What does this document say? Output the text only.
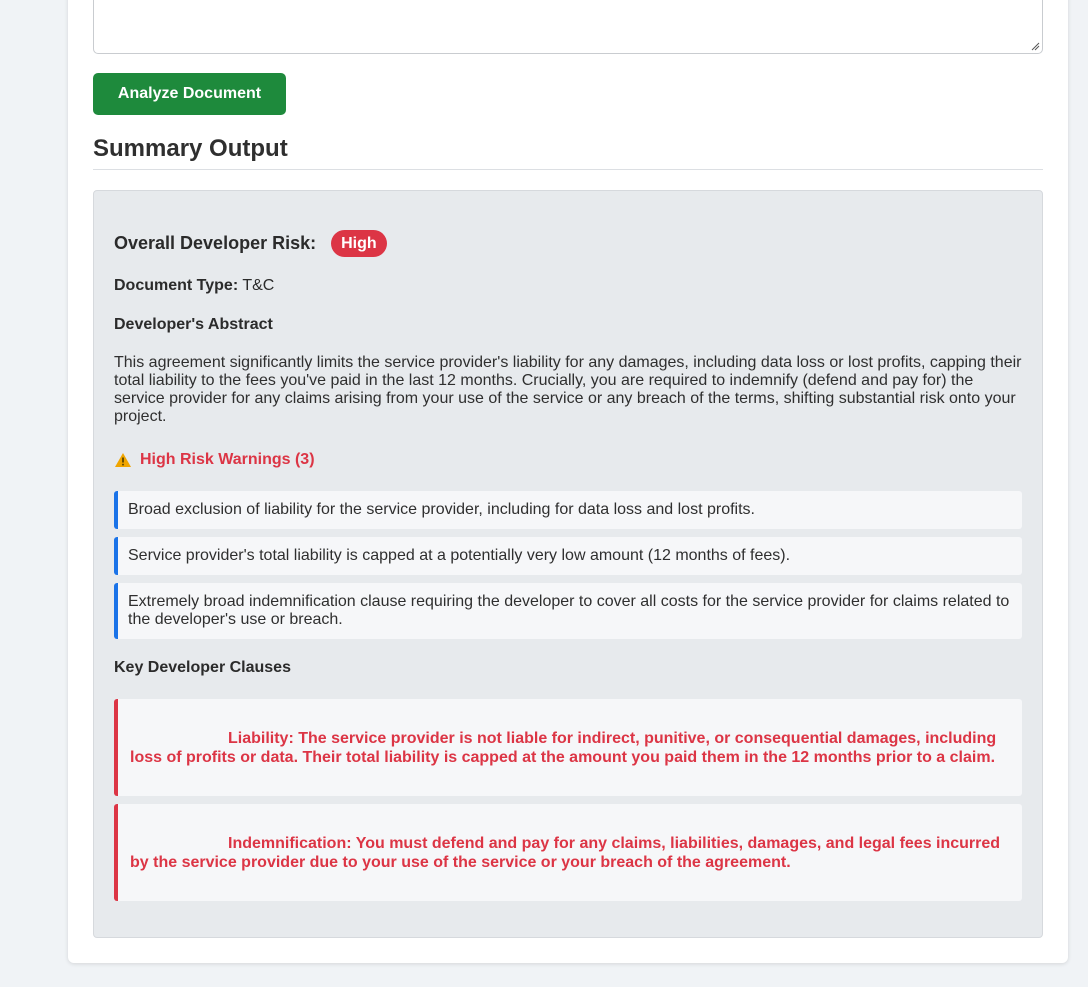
Analyze Document
Summary Output
Overall Developer Risk:	High
Document Type: T&C
Developer's Abstract

This agreement significantly limits the service provider's liability for any damages, including data loss or lost profits, capping their total liability to the fees you've paid in the last 12 months. Crucially, you are required to indemnify (defend and pay for) the service provider for any claims arising from your use of the service or any breach of the terms, shifting substantial risk onto your project.

High Risk Warnings (3)
Broad exclusion of liability for the service provider, including for data loss and lost profits.
Service provider's total liability is capped at a potentially very low amount (12 months of fees).
Extremely broad indemnification clause requiring the developer to cover all costs for the service provider for claims related to the developer's use or breach.
Key Developer Clauses
Liability: The service provider is not liable for indirect, punitive, or consequential damages, including loss of profits or data. Their total liability is capped at the amount you paid them in the 12 months prior to a claim.
Indemnification: You must defend and pay for any claims, liabilities, damages, and legal fees incurred by the service provider due to your use of the service or your breach of the agreement.
